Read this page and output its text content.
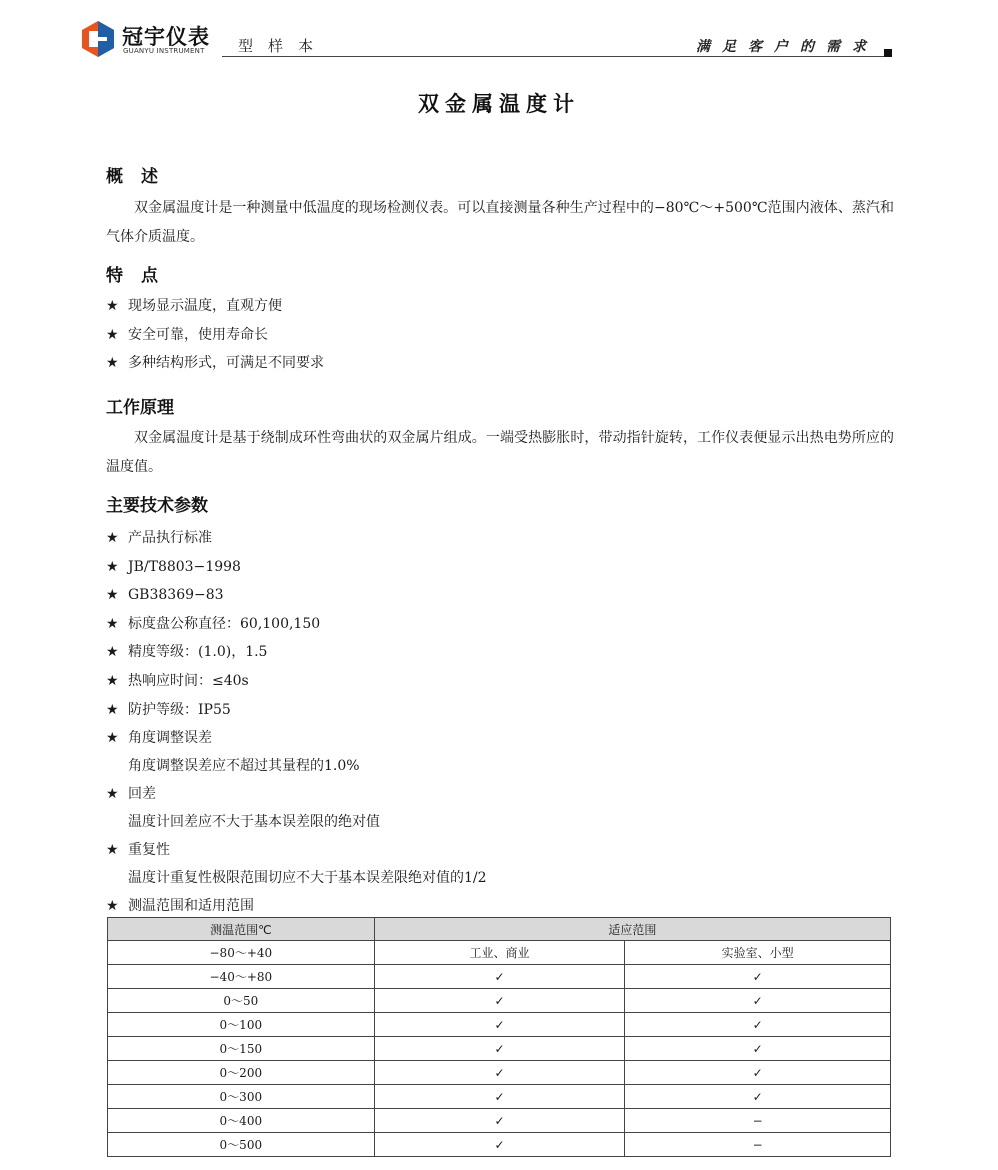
冠宇仪表
GUANYU INSTRUMENT 型样本	满足客户的需求
双金属温度计
概述

双金属温度计是一种测量中低温度的现场检测仪表。可以直接测量各种生产过程中的−80℃～+500℃范围内液体、蒸汽和气体介质温度。

特点

★ 现场显示温度，直观方便

★ 安全可靠，使用寿命长

★ 多种结构形式，可满足不同要求

工作原理

双金属温度计是基于绕制成环性弯曲状的双金属片组成。一端受热膨胀时，带动指针旋转，工作仪表便显示出热电势所应的温度值。

主要技术参数

★ 产品执行标准

★ JB/T8803−1998

★ GB38369−83

★ 标度盘公称直径：60,100,150

★ 精度等级：(1.0)，1.5

★ 热响应时间：≤40s

★ 防护等级：IP55

★ 角度调整误差

角度调整误差应不超过其量程的1.0%

★ 回差

温度计回差应不大于基本误差限的绝对值

★ 重复性

温度计重复性极限范围切应不大于基本误差限绝对值的1/2

★ 测温范围和适用范围

测温范围℃	适应范围	
−80～+40	工业、商业	实验室、小型
−40～+80	✓	✓
0～50	✓	✓
0～100	✓	✓
0～150	✓	✓
0～200	✓	✓
0～300	✓	✓
0～400	✓	−
0～500	✓	−
